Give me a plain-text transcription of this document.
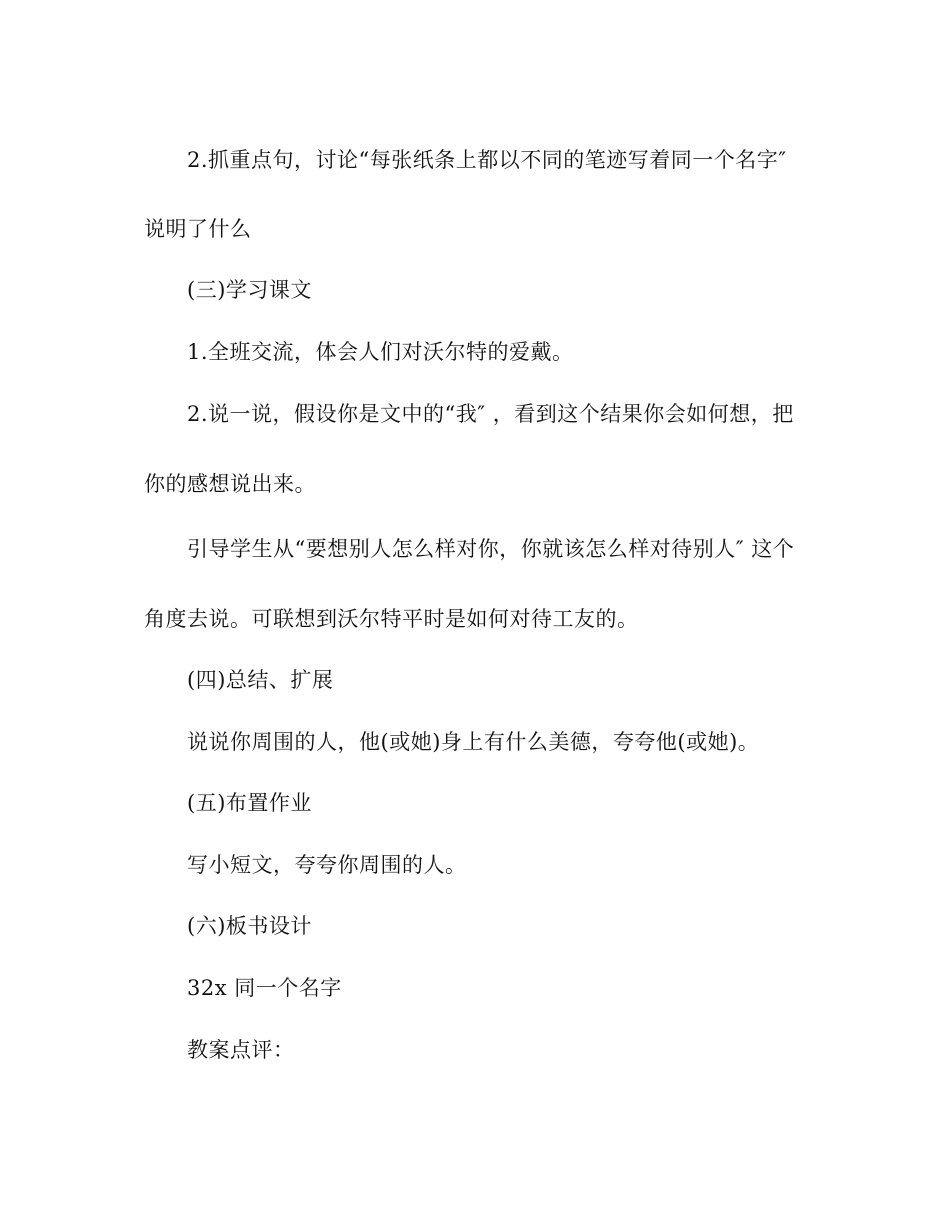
2.抓重点句，讨论“每张纸条上都以不同的笔迹写着同一个名字″
说明了什么
(三)学习课文
1.全班交流，体会人们对沃尔特的爱戴。
2.说一说，假设你是文中的“我″ ，看到这个结果你会如何想，把
你的感想说出来。
引导学生从“要想别人怎么样对你，你就该怎么样对待别人″ 这个
角度去说。可联想到沃尔特平时是如何对待工友的。
(四)总结、扩展
说说你周围的人，他(或她)身上有什么美德，夸夸他(或她)。
(五)布置作业
写小短文，夸夸你周围的人。
(六)板书设计
32x 同一个名字
教案点评：
